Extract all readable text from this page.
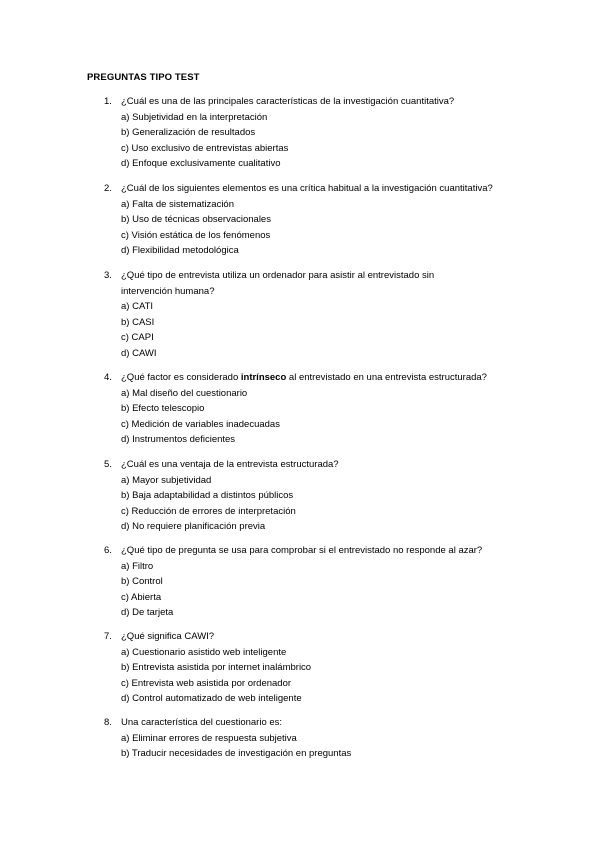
PREGUNTAS TIPO TEST
1. ¿Cuál es una de las principales características de la investigación cuantitativa?
a) Subjetividad en la interpretación
b) Generalización de resultados
c) Uso exclusivo de entrevistas abiertas
d) Enfoque exclusivamente cualitativo
2. ¿Cuál de los siguientes elementos es una crítica habitual a la investigación cuantitativa?
a) Falta de sistematización
b) Uso de técnicas observacionales
c) Visión estática de los fenómenos
d) Flexibilidad metodológica
3. ¿Qué tipo de entrevista utiliza un ordenador para asistir al entrevistado sin intervención humana?
a) CATI
b) CASI
c) CAPI
d) CAWI
4. ¿Qué factor es considerado intrínseco al entrevistado en una entrevista estructurada?
a) Mal diseño del cuestionario
b) Efecto telescopio
c) Medición de variables inadecuadas
d) Instrumentos deficientes
5. ¿Cuál es una ventaja de la entrevista estructurada?
a) Mayor subjetividad
b) Baja adaptabilidad a distintos públicos
c) Reducción de errores de interpretación
d) No requiere planificación previa
6. ¿Qué tipo de pregunta se usa para comprobar si el entrevistado no responde al azar?
a) Filtro
b) Control
c) Abierta
d) De tarjeta
7. ¿Qué significa CAWI?
a) Cuestionario asistido web inteligente
b) Entrevista asistida por internet inalámbrico
c) Entrevista web asistida por ordenador
d) Control automatizado de web inteligente
8. Una característica del cuestionario es:
a) Eliminar errores de respuesta subjetiva
b) Traducir necesidades de investigación en preguntas
